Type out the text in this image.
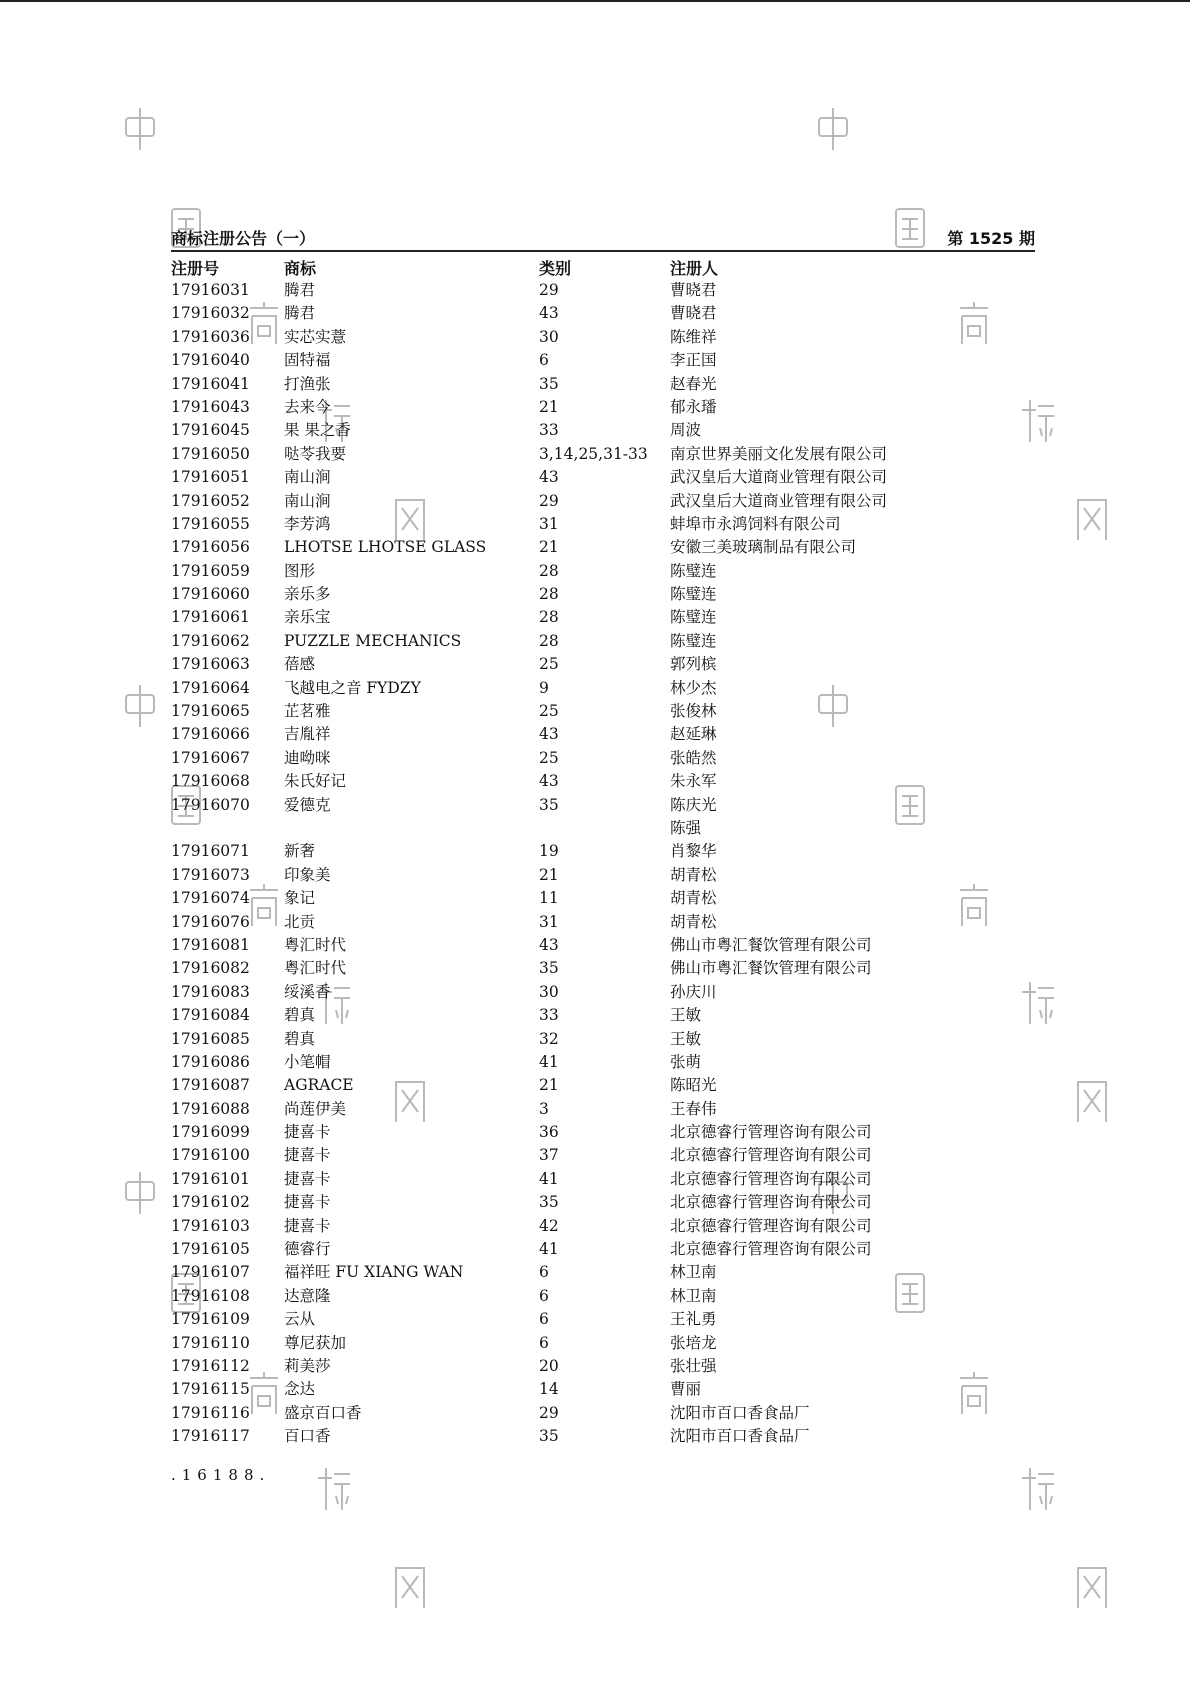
商标注册公告（一）	第 1525 期
注册号	商标	类别	注册人
17916031 腾君	29	曹晓君
17916032 腾君	43	曹晓君
17916036 实芯实薏	30	陈维祥
17916040 固特福	6	李正国
17916041 打渔张	35	赵春光
17916043 去来今	21	郁永璠
17916045 果 果之香	33	周波
17916050 哒苓我要	3,14,25,31-33 南京世界美丽文化发展有限公司
17916051 南山涧	43	武汉皇后大道商业管理有限公司
17916052 南山涧	29	武汉皇后大道商业管理有限公司
17916055 李芳鸿	31	蚌埠市永鸿饲料有限公司
17916056 LHOTSE LHOTSE GLASS	21	安徽三美玻璃制品有限公司
17916059 图形	28	陈璧连
17916060 亲乐多	28	陈璧连
17916061 亲乐宝	28	陈璧连
17916062 PUZZLE MECHANICS	28	陈璧连
17916063 蓓感	25	郭列槟
17916064 飞越电之音 FYDZY	9	林少杰
17916065 芷茗雅	25	张俊林
17916066 吉胤祥	43	赵延琳
17916067 迪呦咪	25	张皓然
17916068 朱氏好记	43	朱永军
17916070 爱德克	35	陈庆光
陈强
17916071 新奢	19	肖黎华
17916073 印象美	21	胡青松
17916074 象记	11	胡青松
17916076 北贡	31	胡青松
17916081 粤汇时代	43	佛山市粤汇餐饮管理有限公司
17916082 粤汇时代	35	佛山市粤汇餐饮管理有限公司
17916083 绥溪香	30	孙庆川
17916084 碧真	33	王敏
17916085 碧真	32	王敏
17916086 小笔帽	41	张萌
17916087 AGRACE	21	陈昭光
17916088 尚莲伊美	3	王春伟
17916099 捷喜卡	36	北京德睿行管理咨询有限公司
17916100 捷喜卡	37	北京德睿行管理咨询有限公司
17916101 捷喜卡	41	北京德睿行管理咨询有限公司
17916102 捷喜卡	35	北京德睿行管理咨询有限公司
17916103 捷喜卡	42	北京德睿行管理咨询有限公司
17916105 德睿行	41	北京德睿行管理咨询有限公司
17916107 福祥旺 FU XIANG WAN	6	林卫南
17916108 达意隆	6	林卫南
17916109 云从	6	王礼勇
17916110 尊尼获加	6	张培龙
17916112 莉美莎	20	张壮强
17916115 念达	14	曹丽
17916116 盛京百口香	29	沈阳市百口香食品厂
17916117 百口香	35	沈阳市百口香食品厂
.16188.
